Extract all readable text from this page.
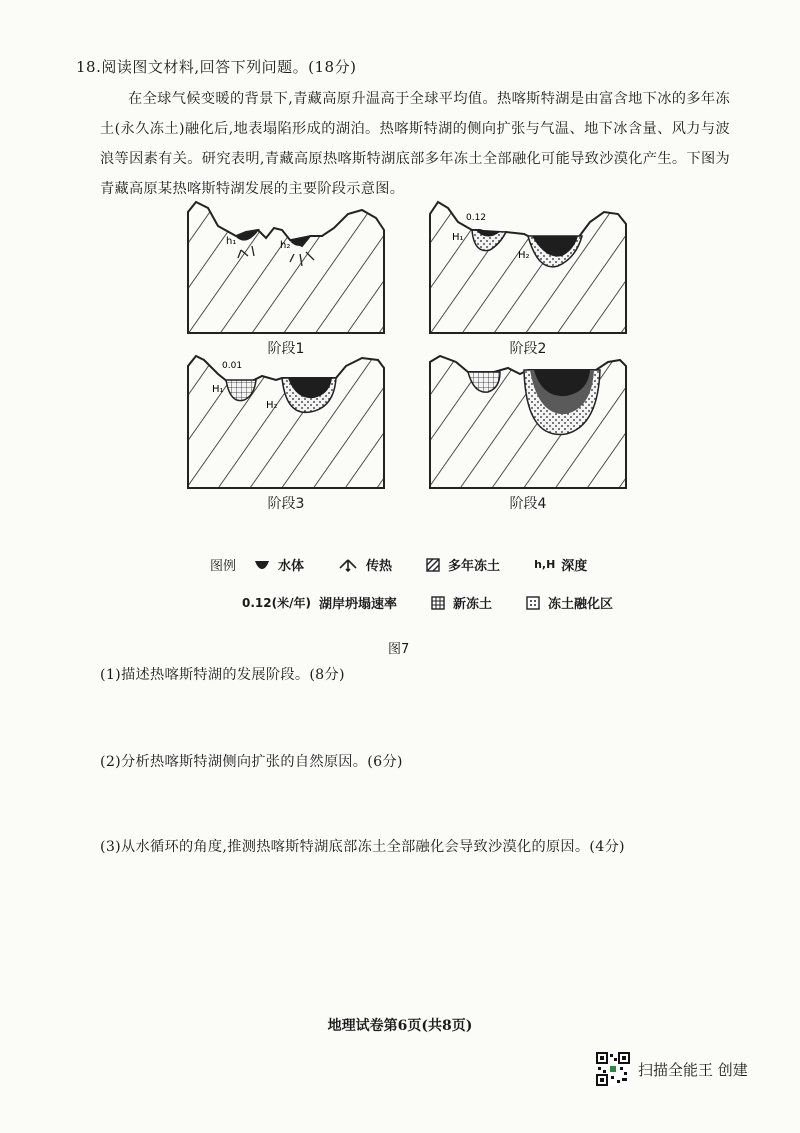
18.阅读图文材料,回答下列问题。(18分)
在全球气候变暖的背景下,青藏高原升温高于全球平均值。热喀斯特湖是由富含地下冰的多年冻土(永久冻土)融化后,地表塌陷形成的湖泊。热喀斯特湖的侧向扩张与气温、地下冰含量、风力与波浪等因素有关。研究表明,青藏高原热喀斯特湖底部多年冻土全部融化可能导致沙漠化产生。下图为青藏高原某热喀斯特湖发展的主要阶段示意图。
h₁	h₂
阶段1
0.12
H₁
H₂
阶段2
0.01
H₁
H₂
阶段3	阶段4
图例	水体	传热	多年冻土	h,H 深度
0.12(米/年) 湖岸坍塌速率	新冻土	冻土融化区
图7
(1)描述热喀斯特湖的发展阶段。(8分)
(2)分析热喀斯特湖侧向扩张的自然原因。(6分)
(3)从水循环的角度,推测热喀斯特湖底部冻土全部融化会导致沙漠化的原因。(4分)
地理试卷第6页(共8页)
扫描全能王 创建
